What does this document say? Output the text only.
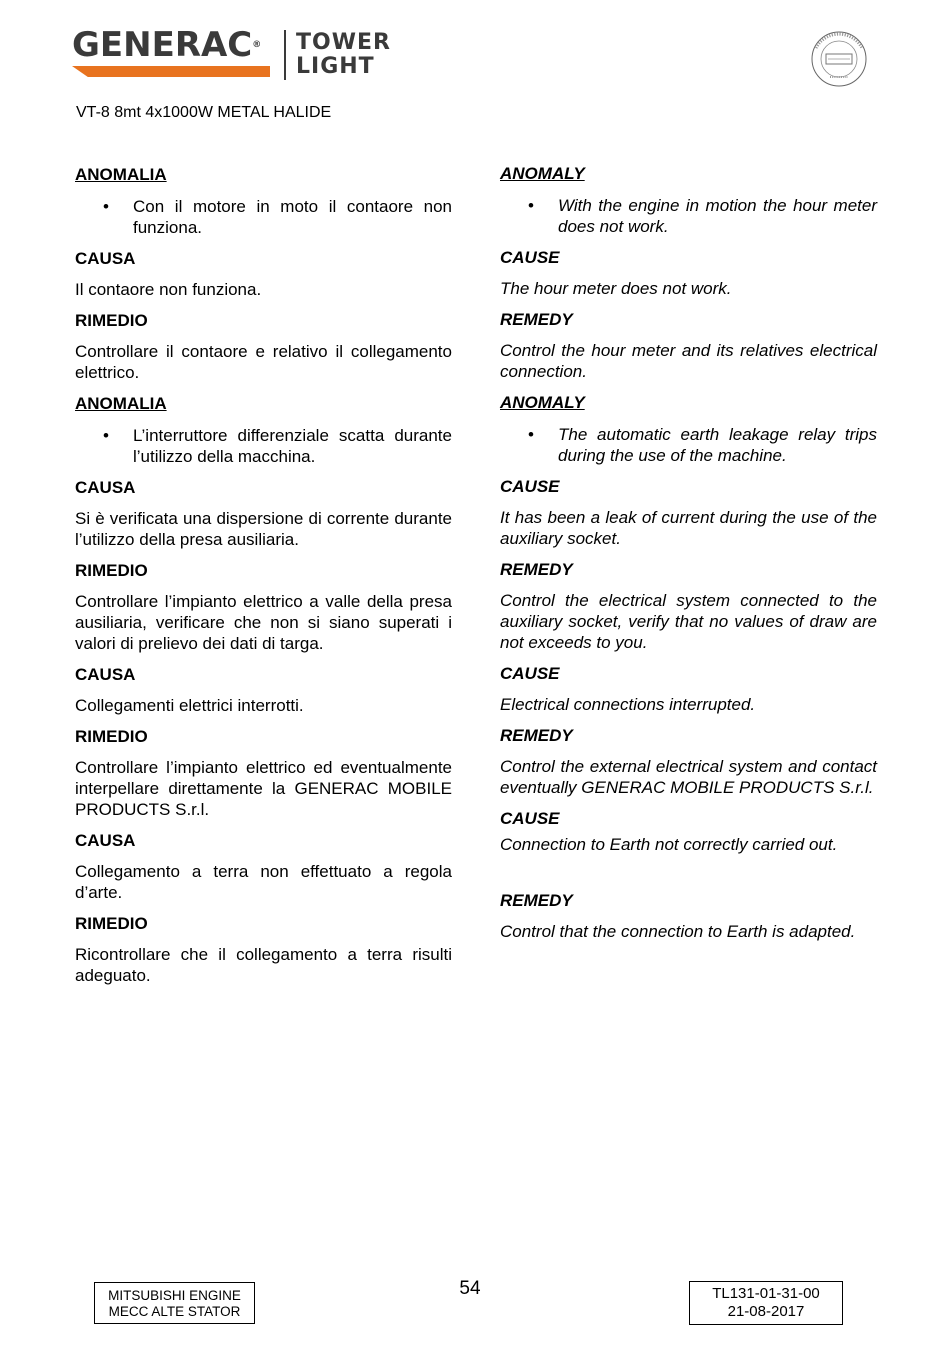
GENERAC® TOWER
LIGHT
VT-8 8mt 4x1000W METAL HALIDE

ANOMALIA

• Con il motore in moto il contaore non funziona.

CAUSA

Il contaore non funziona.

RIMEDIO

Controllare il contaore e relativo il collegamento elettrico.

ANOMALIA

• L’interruttore differenziale scatta durante l’utilizzo della macchina.

CAUSA

Si è verificata una dispersione di corrente durante l’utilizzo della presa ausiliaria.

RIMEDIO

Controllare l’impianto elettrico a valle della presa ausiliaria, verificare che non si siano superati i valori di prelievo dei dati di targa.

CAUSA

Collegamenti elettrici interrotti.

RIMEDIO

Controllare l’impianto elettrico ed eventualmente interpellare direttamente la GENERAC MOBILE PRODUCTS S.r.l.

CAUSA

Collegamento a terra non effettuato a regola d’arte.

RIMEDIO

Ricontrollare che il collegamento a terra risulti adeguato.

ANOMALY

• With the engine in motion the hour meter does not work.

CAUSE

The hour meter does not work.

REMEDY

Control the hour meter and its relatives electrical connection.

ANOMALY

• The automatic earth leakage relay trips during the use of the machine.

CAUSE

It has been a leak of current during the use of the auxiliary socket.

REMEDY

Control the electrical system connected to the auxiliary socket, verify that no values of draw are not exceeds to you.

CAUSE

Electrical connections interrupted.

REMEDY

Control the external electrical system and contact eventually GENERAC MOBILE PRODUCTS S.r.l.

CAUSE

Connection to Earth not correctly carried out.

REMEDY

Control that the connection to Earth is adapted.

MITSUBISHI ENGINE
MECC ALTE STATOR
54	TL131-01-31-00
21-08-2017
